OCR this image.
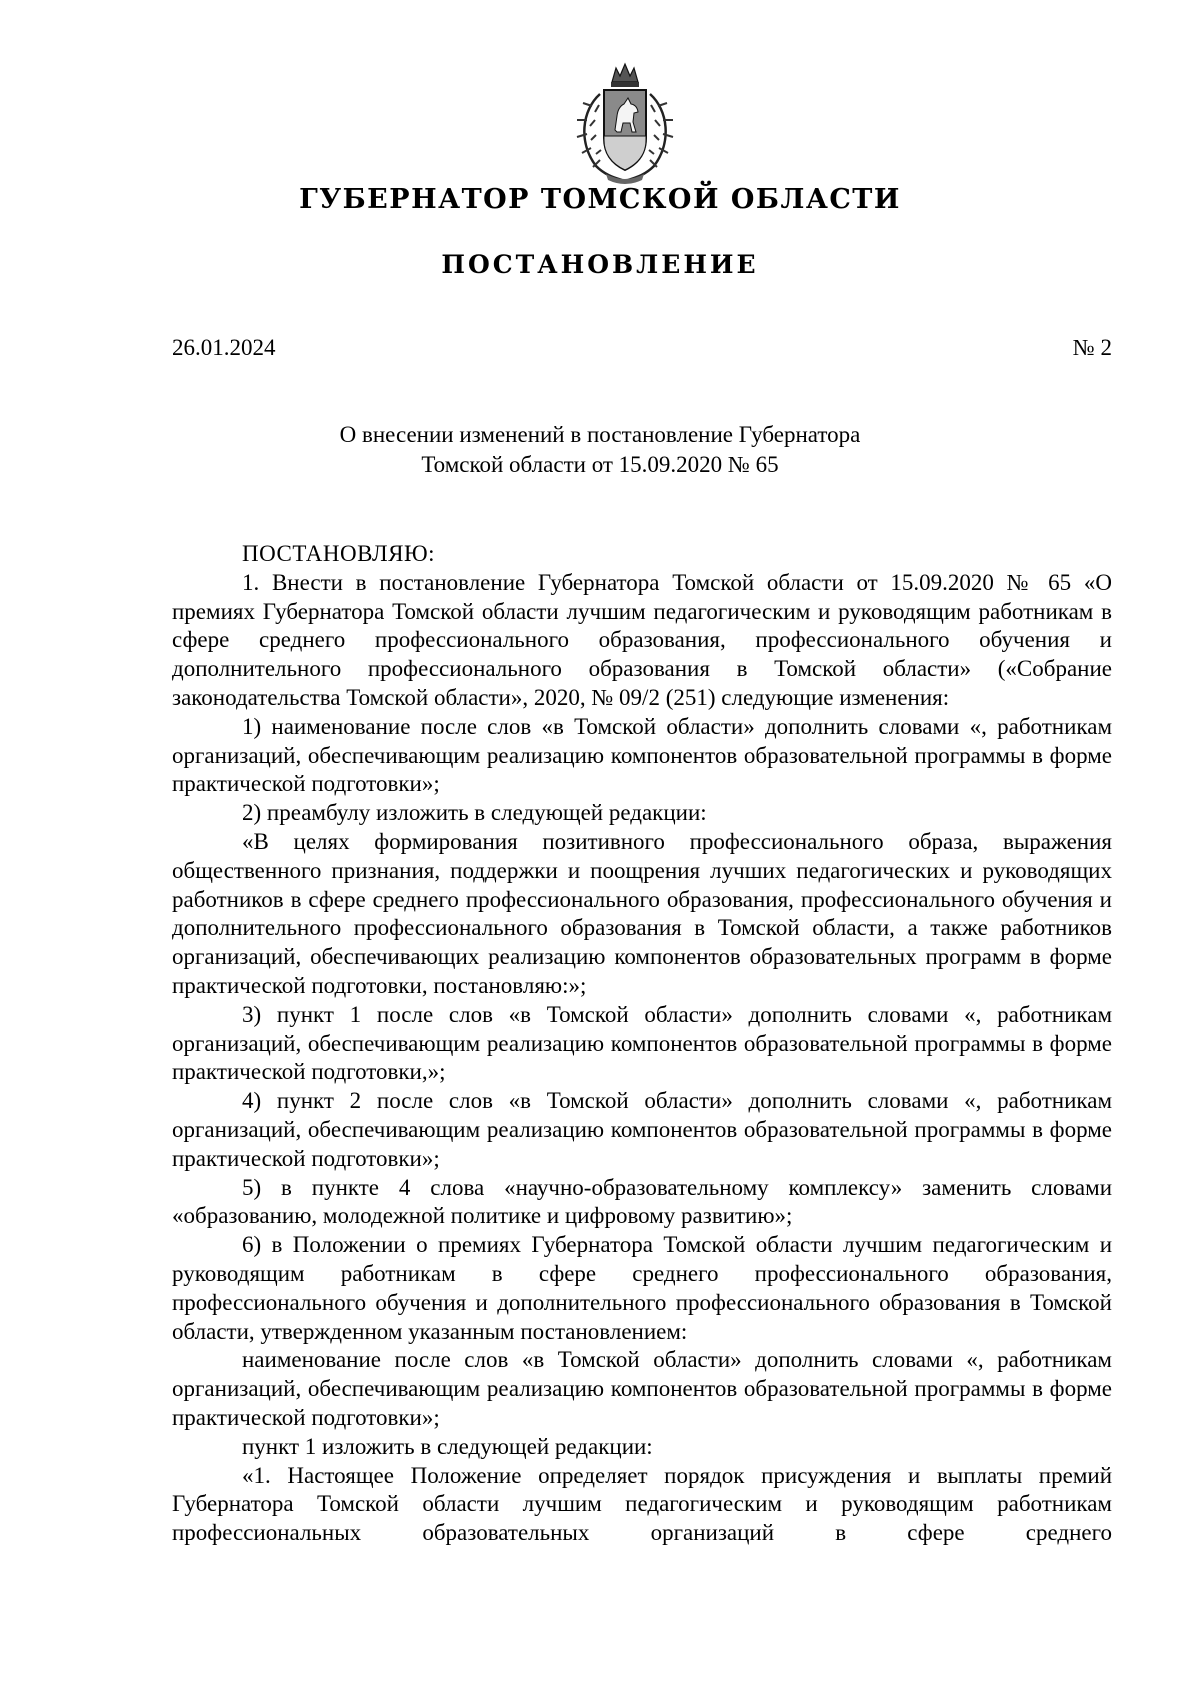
ГУБЕРНАТОР ТОМСКОЙ ОБЛАСТИ
ПОСТАНОВЛЕНИЕ
26.01.2024	№ 2
О внесении изменений в постановление Губернатора
Томской области от 15.09.2020 № 65

ПОСТАНОВЛЯЮ:

1. Внести в постановление Губернатора Томской области от 15.09.2020 № 65 «О премиях Губернатора Томской области лучшим педагогическим и руководящим работникам в сфере среднего профессионального образования, профессионального обучения и дополнительного профессионального образования в Томской области» («Собрание законодательства Томской области», 2020, № 09/2 (251) следующие изменения:

1) наименование после слов «в Томской области» дополнить словами «, работникам организаций, обеспечивающим реализацию компонентов образовательной программы в форме практической подготовки»;

2) преамбулу изложить в следующей редакции:

«В целях формирования позитивного профессионального образа, выражения общественного признания, поддержки и поощрения лучших педагогических и руководящих работников в сфере среднего профессионального образования, профессионального обучения и дополнительного профессионального образования в Томской области, а также работников организаций, обеспечивающих реализацию компонентов образовательных программ в форме практической подготовки, постановляю:»;

3) пункт 1 после слов «в Томской области» дополнить словами «, работникам организаций, обеспечивающим реализацию компонентов образовательной программы в форме практической подготовки,»;

4) пункт 2 после слов «в Томской области» дополнить словами «, работникам организаций, обеспечивающим реализацию компонентов образовательной программы в форме практической подготовки»;

5) в пункте 4 слова «научно-образовательному комплексу» заменить словами «образованию, молодежной политике и цифровому развитию»;

6) в Положении о премиях Губернатора Томской области лучшим педагогическим и руководящим работникам в сфере среднего профессионального образования, профессионального обучения и дополнительного профессионального образования в Томской области, утвержденном указанным постановлением:

наименование после слов «в Томской области» дополнить словами «, работникам организаций, обеспечивающим реализацию компонентов образовательной программы в форме практической подготовки»;

пункт 1 изложить в следующей редакции:

«1. Настоящее Положение определяет порядок присуждения и выплаты премий Губернатора Томской области лучшим педагогическим и руководящим работникам профессиональных образовательных организаций в сфере среднего
